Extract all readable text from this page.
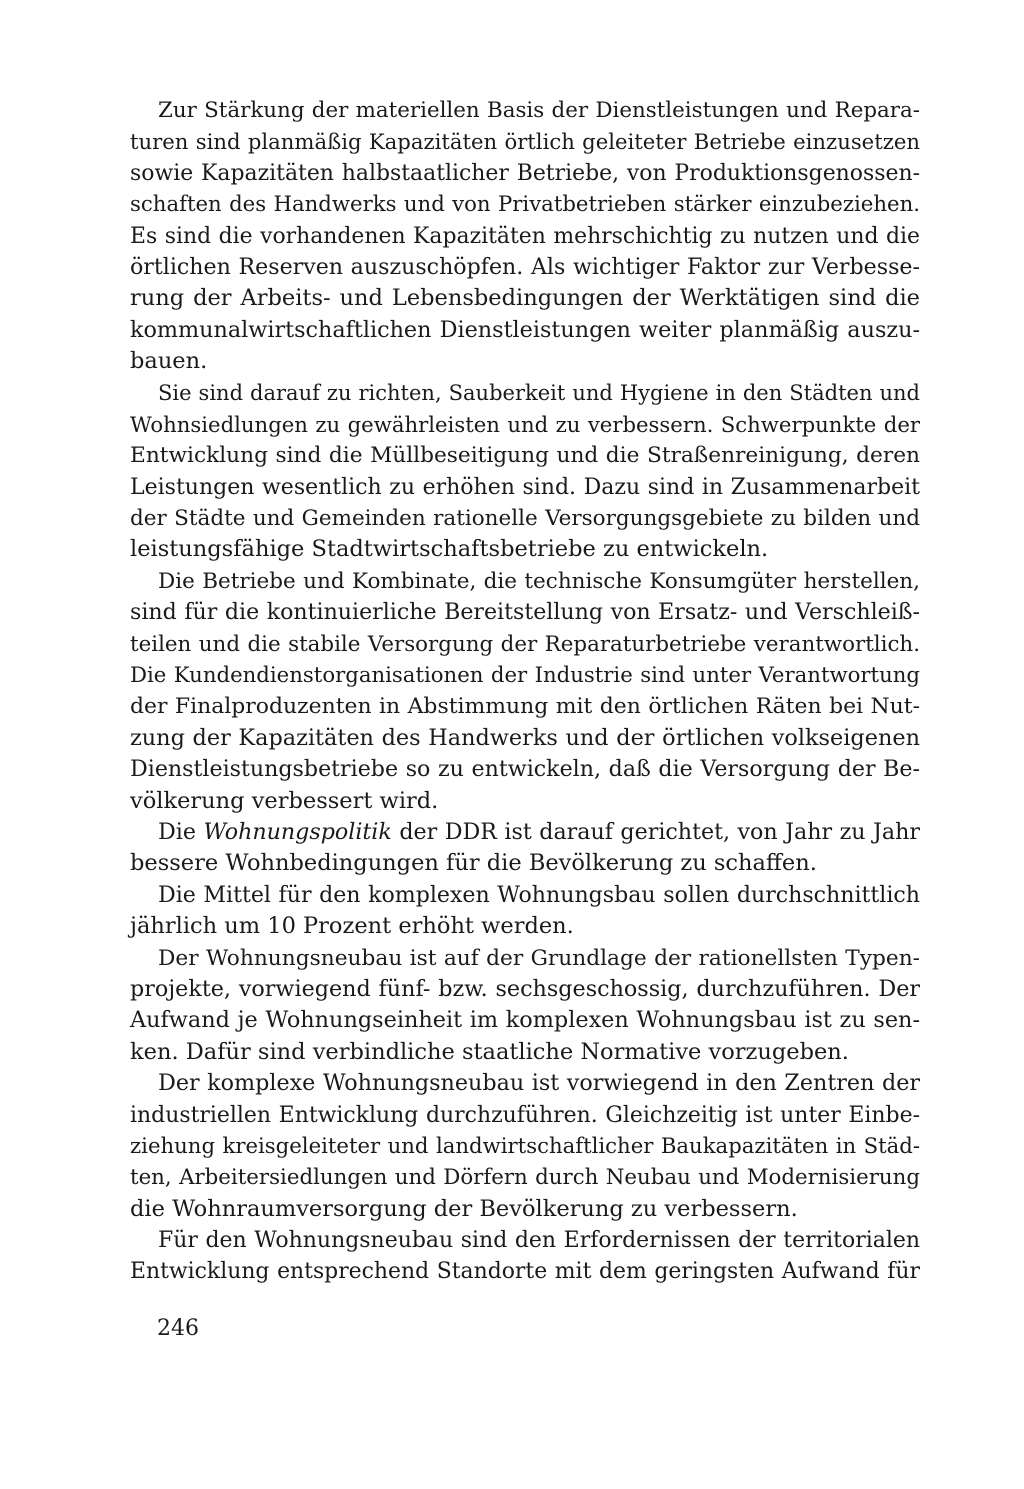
Zur Stärkung der materiellen Basis der Dienstleistungen und Repara-
turen sind planmäßig Kapazitäten örtlich geleiteter Betriebe einzusetzen
sowie Kapazitäten halbstaatlicher Betriebe, von Produktionsgenossen-
schaften des Handwerks und von Privatbetrieben stärker einzubeziehen.
Es sind die vorhandenen Kapazitäten mehrschichtig zu nutzen und die
örtlichen Reserven auszuschöpfen. Als wichtiger Faktor zur Verbesse-
rung der Arbeits- und Lebensbedingungen der Werktätigen sind die
kommunalwirtschaftlichen Dienstleistungen weiter planmäßig auszu-
bauen.
Sie sind darauf zu richten, Sauberkeit und Hygiene in den Städten und
Wohnsiedlungen zu gewährleisten und zu verbessern. Schwerpunkte der
Entwicklung sind die Müllbeseitigung und die Straßenreinigung, deren
Leistungen wesentlich zu erhöhen sind. Dazu sind in Zusammenarbeit
der Städte und Gemeinden rationelle Versorgungsgebiete zu bilden und
leistungsfähige Stadtwirtschaftsbetriebe zu entwickeln.
Die Betriebe und Kombinate, die technische Konsumgüter herstellen,
sind für die kontinuierliche Bereitstellung von Ersatz- und Verschleiß-
teilen und die stabile Versorgung der Reparaturbetriebe verantwortlich.
Die Kundendienstorganisationen der Industrie sind unter Verantwortung
der Finalproduzenten in Abstimmung mit den örtlichen Räten bei Nut-
zung der Kapazitäten des Handwerks und der örtlichen volkseigenen
Dienstleistungsbetriebe so zu entwickeln, daß die Versorgung der Be-
völkerung verbessert wird.
Die Wohnungspolitik der DDR ist darauf gerichtet, von Jahr zu Jahr
bessere Wohnbedingungen für die Bevölkerung zu schaffen.
Die Mittel für den komplexen Wohnungsbau sollen durchschnittlich
jährlich um 10 Prozent erhöht werden.
Der Wohnungsneubau ist auf der Grundlage der rationellsten Typen-
projekte, vorwiegend fünf- bzw. sechsgeschossig, durchzuführen. Der
Aufwand je Wohnungseinheit im komplexen Wohnungsbau ist zu sen-
ken. Dafür sind verbindliche staatliche Normative vorzugeben.
Der komplexe Wohnungsneubau ist vorwiegend in den Zentren der
industriellen Entwicklung durchzuführen. Gleichzeitig ist unter Einbe-
ziehung kreisgeleiteter und landwirtschaftlicher Baukapazitäten in Städ-
ten, Arbeitersiedlungen und Dörfern durch Neubau und Modernisierung
die Wohnraumversorgung der Bevölkerung zu verbessern.
Für den Wohnungsneubau sind den Erfordernissen der territorialen
Entwicklung entsprechend Standorte mit dem geringsten Aufwand für
246
